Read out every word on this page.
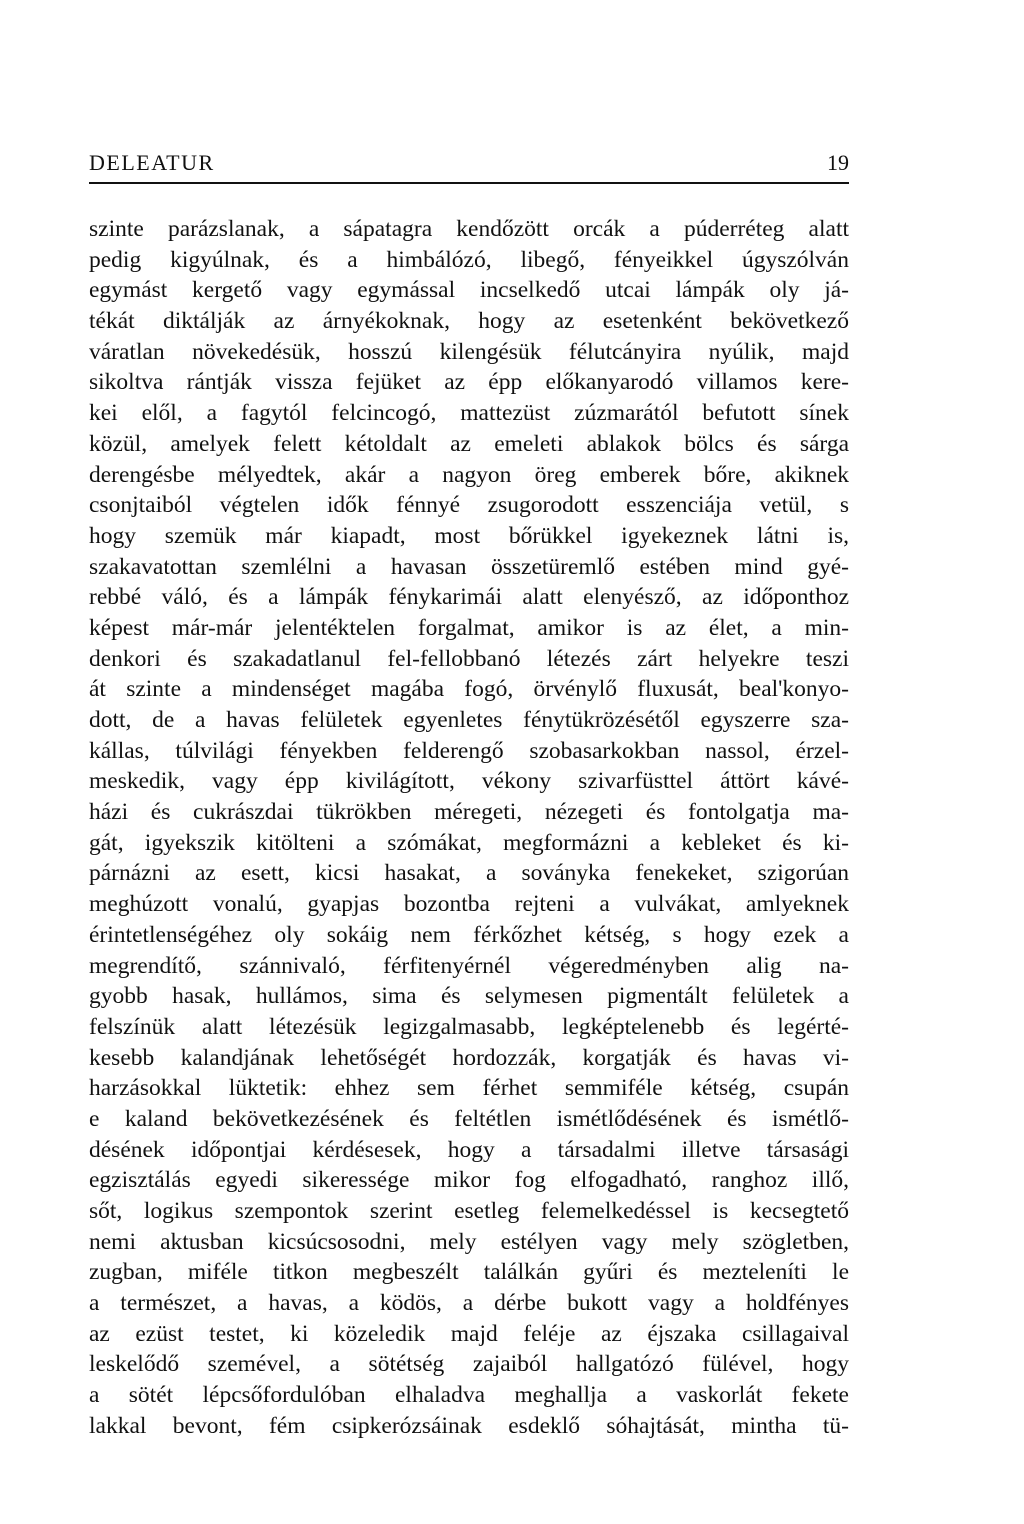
DELEATUR	19
szinte parázslanak, a sápatagra kendőzött orcák a púderréteg alatt
pedig kigyúlnak, és a himbálózó, libegő, fényeikkel úgyszólván
egymást kergető vagy egymással incselkedő utcai lámpák oly já-
tékát diktálják az árnyékoknak, hogy az esetenként bekövetkező
váratlan növekedésük, hosszú kilengésük félutcányira nyúlik, majd
sikoltva rántják vissza fejüket az épp előkanyarodó villamos kere-
kei elől, a fagytól felcincogó, mattezüst zúzmarától befutott sínek
közül, amelyek felett kétoldalt az emeleti ablakok bölcs és sárga
derengésbe mélyedtek, akár a nagyon öreg emberek bőre, akiknek
csonjtaiból végtelen idők fénnyé zsugorodott esszenciája vetül, s
hogy szemük már kiapadt, most bőrükkel igyekeznek látni is,
szakavatottan szemlélni a havasan összetüremlő estében mind gyé-
rebbé váló, és a lámpák fénykarimái alatt elenyésző, az időponthoz
képest már-már jelentéktelen forgalmat, amikor is az élet, a min-
denkori és szakadatlanul fel-fellobbanó létezés zárt helyekre teszi
át szinte a mindenséget magába fogó, örvénylő fluxusát, beal'konyo-
dott, de a havas felületek egyenletes fénytükrözésétől egyszerre sza-
kállas, túlvilági fényekben felderengő szobasarkokban nassol, érzel-
meskedik, vagy épp kivilágított, vékony szivarfüsttel áttört kávé-
házi és cukrászdai tükrökben méregeti, nézegeti és fontolgatja ma-
gát, igyekszik kitölteni a szómákat, megformázni a kebleket és ki-
párnázni az esett, kicsi hasakat, a soványka fenekeket, szigorúan
meghúzott vonalú, gyapjas bozontba rejteni a vulvákat, amlyeknek
érintetlenségéhez oly sokáig nem férkőzhet kétség, s hogy ezek a
megrendítő, szánnivaló, férfitenyérnél végeredményben alig na-
gyobb hasak, hullámos, sima és selymesen pigmentált felületek a
felszínük alatt létezésük legizgalmasabb, legképtelenebb és legérté-
kesebb kalandjának lehetőségét hordozzák, korgatják és havas vi-
harzásokkal lüktetik: ehhez sem férhet semmiféle kétség, csupán
e kaland bekövetkezésének és feltétlen ismétlődésének és ismétlő-
désének időpontjai kérdésesek, hogy a társadalmi illetve társasági
egzisztálás egyedi sikeressége mikor fog elfogadható, ranghoz illő,
sőt, logikus szempontok szerint esetleg felemelkedéssel is kecsegtető
nemi aktusban kicsúcsosodni, mely estélyen vagy mely szögletben,
zugban, miféle titkon megbeszélt találkán gyűri és mezteleníti le
a természet, a havas, a ködös, a dérbe bukott vagy a holdfényes
az ezüst testet, ki közeledik majd feléje az éjszaka csillagaival
leskelődő szemével, a sötétség zajaiból hallgatózó fülével, hogy
a sötét lépcsőfordulóban elhaladva meghallja a vaskorlát fekete
lakkal bevont, fém csipkerózsáinak esdeklő sóhajtását, mintha tü-
